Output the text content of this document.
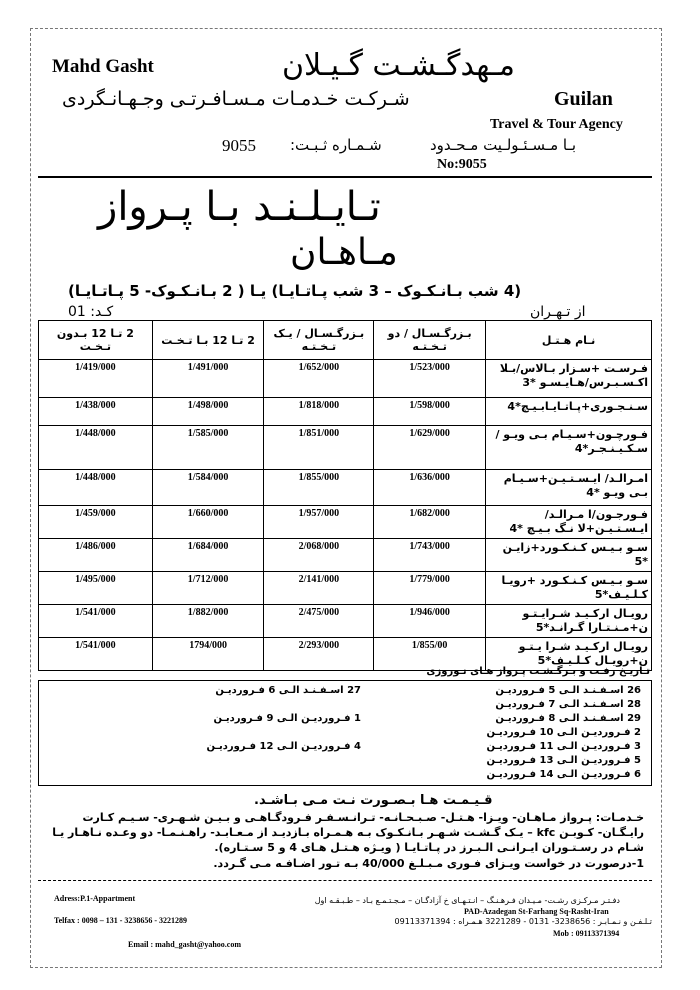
Mahd Gasht	مـهدگـشـت گـیـلان
شـرکـت خـدمـات مـسـافـرتـی وجـهـانـگردی	Guilan
Travel & Tour Agency
بـا مـسـئـولـیت مـحـدود
شـمـاره ثـبـت:
9055
No:9055
تـایـلـنـد بـا پـرواز
مـاهـان
(4 شب بـانـکـوک – 3 شب پـاتـایـا) یـا ( 2 بـانـکـوک- 5 پـاتـایـا)
از تـهـران
کـد: 01
2 تـا 12 بـدون تـخـت	2 تـا 12 بـا تـخـت	بـزرگـسـال / یـک تـخـتـه	بـزرگـسـال / دو تـخـتـه	نـام هـتـل
1/419/000	1/491/000	1/652/000	1/523/000	فـرسـت +سـزار بـالاس/بـلا اکـسـبـرس/هـایـسـو *3
1/438/000	1/498/000	1/818/000	1/598/000	سـنـجـوری+پـاتـایـابـیـچ*4
1/448/000	1/585/000	1/851/000	1/629/000	فـورچـون+سـیـام بـی ویـو /سـکـیـنـجـر*4
1/448/000	1/584/000	1/855/000	1/636/000	امـرالـد/ ایـسـتـیـن+سـیـام بـی ویـو *4
1/459/000	1/660/000	1/957/000	1/682/000	فـورجـون/ا مـرالـد/ ایـسـتـیـن+لا نـگ بـیـچ *4
1/486/000	1/684/000	2/068/000	1/743/000	سـو بـیـس کـنـکـورد+زایـن *5
1/495/000	1/712/000	2/141/000	1/779/000	سـو بـیـس کـنـکـورد +رویـا کـلـیـف*5
1/541/000	1/882/000	2/475/000	1/946/000	رویـال ارکـیـد شـرایـتـو ن+مـنـتـارا گـرانـد*5
1/541/000	1794/000	2/293/000	1/855/00	رویـال ارکـیـد شـرا یـتـو ن+رویـال کـلـیـف*5
تـاریـخ رفـت و بـرگـشـت پـرواز هـای نـوروزی
26 اسـفـنـد الـی 5 فـروردیـن
28 اسـفـنـد الـی 7 فـروردیـن
29 اسـفـنـد الـی 8 فـروردیـن
2 فـروردیـن الـی 10 فـروردیـن
3 فـروردیـن الـی 11 فـروردیـن
5 فـروردیـن الـی 13 فـروردیـن
6 فـروردیـن الـی 14 فـروردیـن
27 اسـفـنـد الـی 6 فـروردیـن
1 فـروردیـن الـی 9 فـروردیـن
4 فـروردیـن الـی 12 فـروردیـن
قـیـمـت هـا بـصـورت نـت مـی بـاشـد.
خـدمـات: پـرواز مـاهـان- ویـزا- هـتـل- صـبـحـانـه- تـرانـسـفـر فـرودگـاهـی و بـیـن شـهـری- سـیـم کـارت رایـگـان- کـوبـن kfc – یـک گـشـت شـهـر بـانـکـوک بـه هـمـراه بـازدیـد از مـعـابـد- راهـنـمـا- دو وعـده نـاهـار یـا شـام در رسـتـوران ایـرانـی الـبـرز در پـاتـایـا ( ویـژه هـتـل هـای 4 و 5 سـتـاره).
1-درصورت در خواست ویـزای فـوری مـبـلـغ 40/000 بـه تـور اضـافـه مـی گـردد.
دفـتـر مـرکـزی رشـت- مـیـدان فـرهـنـگ – انـتـهـای خ آزادگـان – مـجـتـمـع بـاد – طـبـقـه اول
Adress:P.1-Appartment
PAD-Azadegan St-Farhang Sq-Rasht-Iran
تـلـفـن و نـمـابـر : 3238656- 0131 - 3221289 هـمـراه : 09113371394
Telfax : 0098 – 131 - 3238656 - 3221289
Mob : 09113371394
Email : mahd_gasht@yahoo.com
